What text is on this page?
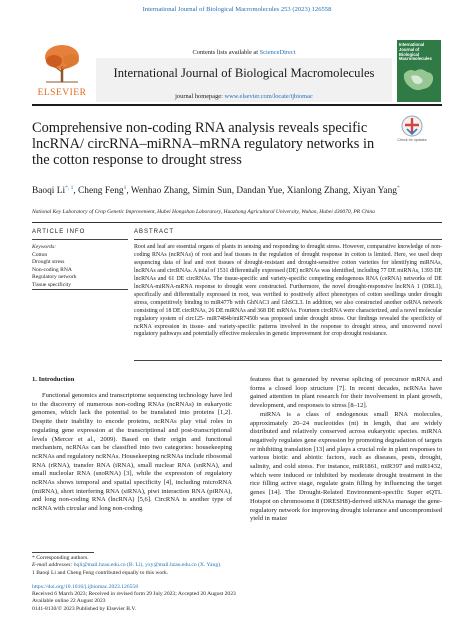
International Journal of Biological Macromolecules 253 (2023) 126558
ELSEVIER
Contents lists available at ScienceDirect
International Journal of Biological Macromolecules
journal homepage: www.elsevier.com/locate/ijbiomac
International Journal of Biological Macromolecules
Check for updates
Comprehensive non-coding RNA analysis reveals specific lncRNA/ circRNA–miRNA–mRNA regulatory networks in the cotton response to drought stress
Baoqi $Li^{*, 1}$, Cheng Feng$^1$, Wenhao Zhang, Simin Sun, Dandan Yue, Xianlong Zhang, Xiyan Yang*
National Key Laboratory of Crop Genetic Improvement, Hubei Hongshan Laboratory, Huazhong Agricultural University, Wuhan, Hubei 430070, PR China
ARTICLE INFO
Keywords:
Cotton
Drought stress
Non-coding RNA
Regulatory network
Tissue specificity
ABSTRACT
Root and leaf are essential organs of plants in sensing and responding to drought stress. However, comparative knowledge of non-coding RNAs (ncRNAs) of root and leaf tissues in the regulation of drought response in cotton is limited. Here, we used deep sequencing data of leaf and root tissues of drought-resistant and drought-sensitive cotton varieties for identifying miRNAs, lncRNAs and circRNAs. A total of 1531 differentially expressed (DE) ncRNAs was identified, including 77 DE miRNAs, 1393 DE lncRNAs and 61 DE circRNAs. The tissue-specific and variety-specific competing endogenous RNA (ceRNA) networks of DE lncRNA-miRNA-mRNA response to drought were constructed. Furthermore, the novel drought-responsive lncRNA 1 (DRL1), specifically and differentially expressed in root, was verified to positively affect phenotypes of cotton seedlings under drought stress, competitively binding to miR477b with GhNAC3 and GhSCL3. In addition, we also constructed another ceRNA network consisting of 18 DE circRNAs, 26 DE miRNAs and 368 DE mRNAs. Fourteen circRNA were characterized, and a novel molecular regulatory system of circ125- miR7484b/miR7450b was proposed under drought stress. Our findings revealed the specificity of ncRNA expression in tissue- and variety-specific patterns involved in the response to drought stress, and uncovered novel regulatory pathways and potentially effective molecules in genetic improvement for crop drought resistance.
1. Introduction

Functional genomics and transcriptome sequencing technology have led to the discovery of numerous non-coding RNAs (ncRNAs) in eukaryotic genomes, which lack the potential to be translated into proteins [1,2]. Despite their inability to encode proteins, ncRNAs play vital roles in regulating gene expression at the transcriptional and post-transcriptional levels (Mercer et al., 2009). Based on their origin and functional mechanism, ncRNAs can be classified into two categories: housekeeping ncRNAs and regulatory ncRNAs. Housekeeping ncRNAs include ribosomal RNA (rRNA), transfer RNA (tRNA), small nuclear RNA (snRNA), and small nucleolar RNA (snoRNA) [3], while the expression of regulatory ncRNAs shows temporal and spatial specificity [4], including microRNA (miRNA), short interfering RNA (siRNA), piwi interaction RNA (piRNA), and long non-coding RNA (lncRNA) [5,6]. CircRNA is another type of ncRNA with circular and long non-coding

features that is generated by reverse splicing of precursor mRNA and forms a closed loop structure [7]. In recent decades, ncRNAs have gained attention in plant research for their involvement in plant growth, development, and responses to stress [8–12].

miRNA is a class of endogenous small RNA molecules, approximately 20–24 nucleotides (nt) in length, that are widely distributed and relatively conserved across eukaryotic species. miRNA negatively regulates gene expression by promoting degradation of targets or inhibiting translation [13] and plays a crucial role in plant responses to various biotic and abiotic factors, such as diseases, pests, drought, salinity, and cold stress. For instance, miR1861, miR397 and miR1432, which were induced or inhibited by moderate drought treatment in the rice filling active stage, regulate grain filling by influencing the target genes [14]. The Drought-Related Environment-specific Super eQTL Hotspot on chromosome 8 (DRESH8)-derived siRNAs manage the gene-regulatory network for improving drought tolerance and uncompromised yield in maize

* Corresponding authors.
E-mail addresses: bqli@mail.hzau.edu.cn (B. Li), yxy@mail.hzau.edu.cn (X. Yang).
1 Baoqi Li and Cheng Feng contributed equally to this work.
https://doi.org/10.1016/j.ijbiomac.2023.126558
Received 6 March 2023; Received in revised form 29 July 2023; Accepted 20 August 2023
Available online 22 August 2023
0141-8130/© 2023 Published by Elsevier B.V.
